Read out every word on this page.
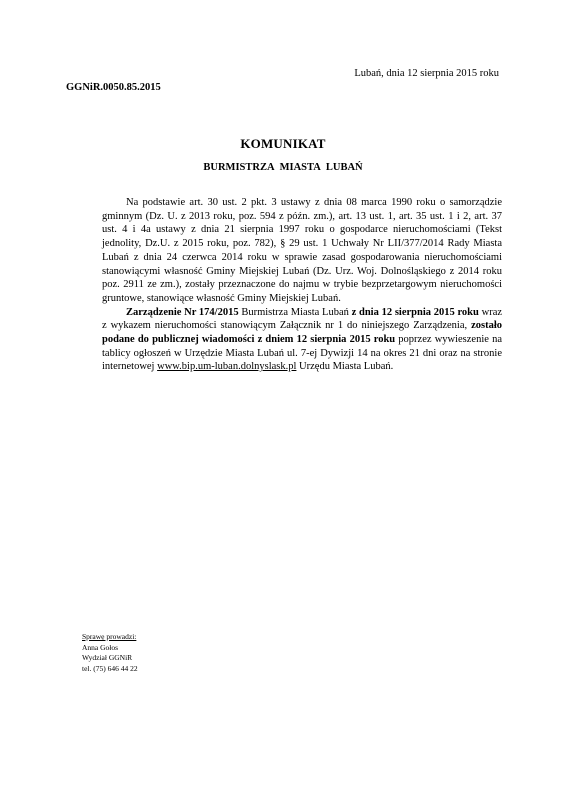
Lubań, dnia 12 sierpnia 2015 roku
GGNiR.0050.85.2015
KOMUNIKAT
BURMISTRZA MIASTA LUBAŃ

Na podstawie art. 30 ust. 2 pkt. 3 ustawy z dnia 08 marca 1990 roku o samorządzie gminnym (Dz. U. z 2013 roku, poz. 594 z późn. zm.), art. 13 ust. 1, art. 35 ust. 1 i 2, art. 37 ust. 4 i 4a ustawy z dnia 21 sierpnia 1997 roku o gospodarce nieruchomościami (Tekst jednolity, Dz.U. z 2015 roku, poz. 782), § 29 ust. 1 Uchwały Nr LII/377/2014 Rady Miasta Lubań z dnia 24 czerwca 2014 roku w sprawie zasad gospodarowania nieruchomościami stanowiącymi własność Gminy Miejskiej Lubań (Dz. Urz. Woj. Dolnośląskiego z 2014 roku poz. 2911 ze zm.), zostały przeznaczone do najmu w trybie bezprzetargowym nieruchomości gruntowe, stanowiące własność Gminy Miejskiej Lubań.

Zarządzenie Nr 174/2015 Burmistrza Miasta Lubań z dnia 12 sierpnia 2015 roku wraz z wykazem nieruchomości stanowiącym Załącznik nr 1 do niniejszego Zarządzenia, zostało podane do publicznej wiadomości z dniem 12 sierpnia 2015 roku poprzez wywieszenie na tablicy ogłoszeń w Urzędzie Miasta Lubań ul. 7-ej Dywizji 14 na okres 21 dni oraz na stronie internetowej www.bip.um-luban.dolnyslask.pl Urzędu Miasta Lubań.

Sprawę prowadzi:
Anna Gołos
Wydział GGNiR
tel. (75) 646 44 22
